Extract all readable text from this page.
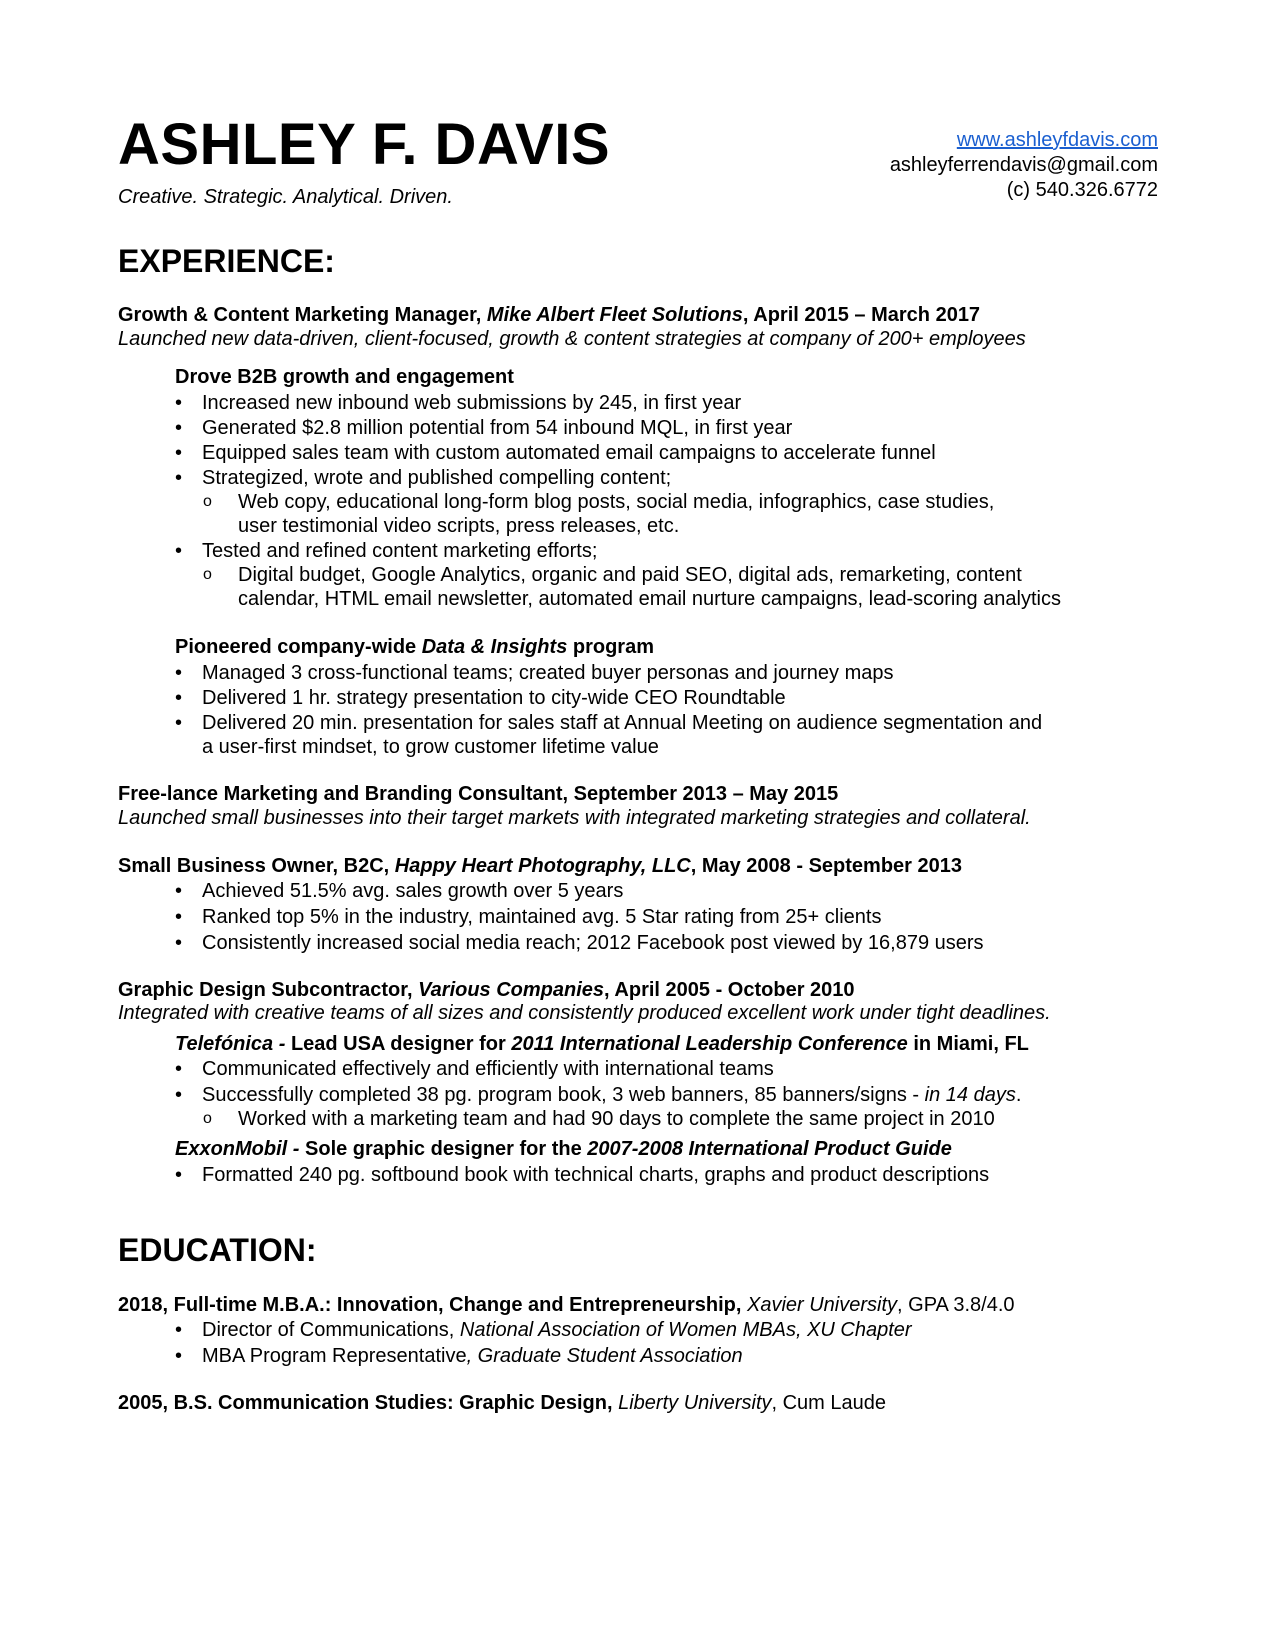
ASHLEY F. DAVIS
Creative. Strategic. Analytical. Driven.
www.ashleyfdavis.com
ashleyferrendavis@gmail.com
(c) 540.326.6772
EXPERIENCE:
Growth & Content Marketing Manager, Mike Albert Fleet Solutions, April 2015 – March 2017
Launched new data-driven, client-focused, growth & content strategies at company of 200+ employees
Drove B2B growth and engagement
• Increased new inbound web submissions by 245, in first year
• Generated $2.8 million potential from 54 inbound MQL, in first year
• Equipped sales team with custom automated email campaigns to accelerate funnel
• Strategized, wrote and published compelling content;
o	Web copy, educational long-form blog posts, social media, infographics, case studies,
user testimonial video scripts, press releases, etc.
• Tested and refined content marketing efforts;
o	Digital budget, Google Analytics, organic and paid SEO, digital ads, remarketing, content
calendar, HTML email newsletter, automated email nurture campaigns, lead-scoring analytics
Pioneered company-wide Data & Insights program
• Managed 3 cross-functional teams; created buyer personas and journey maps
• Delivered 1 hr. strategy presentation to city-wide CEO Roundtable
• Delivered 20 min. presentation for sales staff at Annual Meeting on audience segmentation and
a user-first mindset, to grow customer lifetime value
Free-lance Marketing and Branding Consultant, September 2013 – May 2015
Launched small businesses into their target markets with integrated marketing strategies and collateral.
Small Business Owner, B2C, Happy Heart Photography, LLC, May 2008 - September 2013
• Achieved 51.5% avg. sales growth over 5 years
• Ranked top 5% in the industry, maintained avg. 5 Star rating from 25+ clients
• Consistently increased social media reach; 2012 Facebook post viewed by 16,879 users
Graphic Design Subcontractor, Various Companies, April 2005 - October 2010
Integrated with creative teams of all sizes and consistently produced excellent work under tight deadlines.
Telefónica - Lead USA designer for 2011 International Leadership Conference in Miami, FL
• Communicated effectively and efficiently with international teams
• Successfully completed 38 pg. program book, 3 web banners, 85 banners/signs - in 14 days.
o	Worked with a marketing team and had 90 days to complete the same project in 2010
ExxonMobil - Sole graphic designer for the 2007-2008 International Product Guide
• Formatted 240 pg. softbound book with technical charts, graphs and product descriptions
EDUCATION:
2018, Full-time M.B.A.: Innovation, Change and Entrepreneurship, Xavier University, GPA 3.8/4.0
• Director of Communications, National Association of Women MBAs, XU Chapter
• MBA Program Representative, Graduate Student Association
2005, B.S. Communication Studies: Graphic Design, Liberty University, Cum Laude
